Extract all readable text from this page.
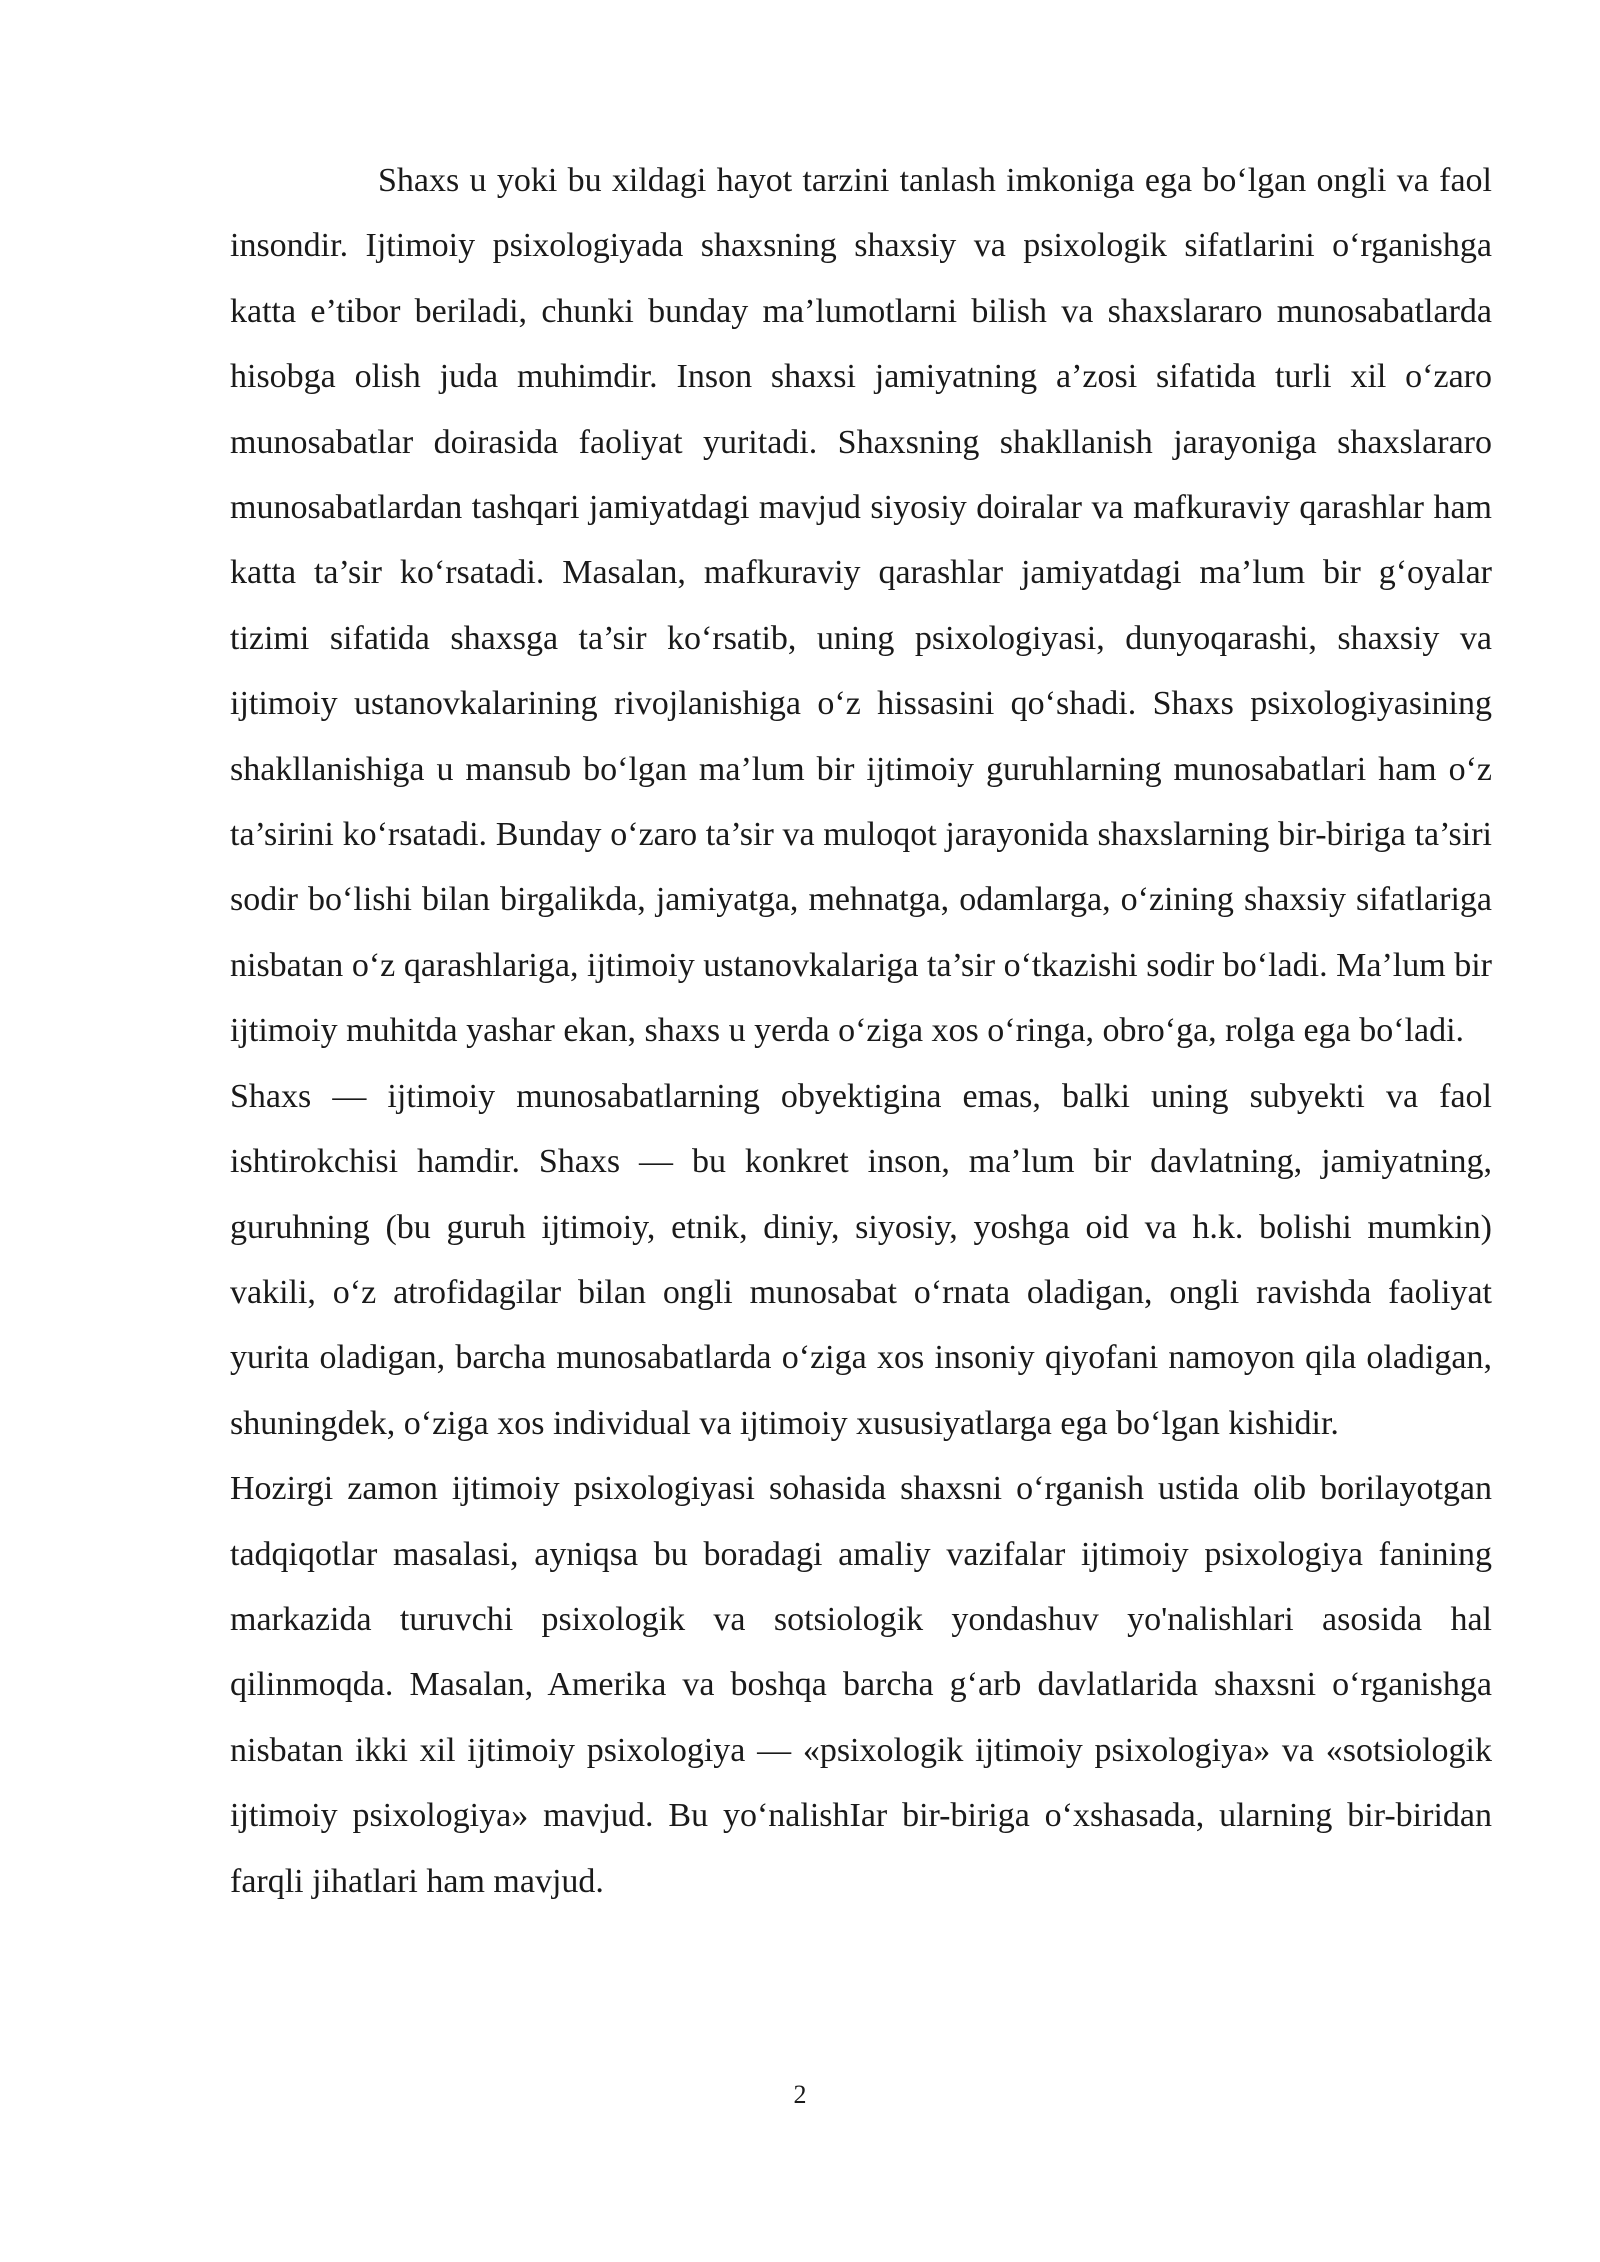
Shaxs u yoki bu xildagi hayot tarzini tanlash imkoniga ega boʻlgan ongli va faol insondir. Ijtimoiy psixologiyada shaxsning shaxsiy va psixologik sifatlarini oʻrganishga katta e’tibor beriladi, chunki bunday ma’lumotlarni bilish va shaxslararo munosabatlarda hisobga olish juda muhimdir. Inson shaxsi jamiyatning a’zosi sifatida turli xil oʻzaro munosabatlar doirasida faoliyat yuritadi. Shaxsning shakllanish jarayoniga shaxslararo munosabatlardan tashqari jamiyatdagi mavjud siyosiy doiralar va mafkuraviy qarashlar ham katta ta’sir koʻrsatadi. Masalan, mafkuraviy qarashlar jamiyatdagi ma’lum bir gʻoyalar tizimi sifatida shaxsga ta’sir koʻrsatib, uning psixologiyasi, dunyoqarashi, shaxsiy va ijtimoiy ustanovkalarining rivojlanishiga oʻz hissasini qoʻshadi. Shaxs psixologiyasining shakllanishiga u mansub boʻlgan ma’lum bir ijtimoiy guruhlarning munosabatlari ham oʻz ta’sirini koʻrsatadi. Bunday oʻzaro ta’sir va muloqot jarayonida shaxslarning bir-biriga ta’siri sodir boʻlishi bilan birgalikda, jamiyatga, mehnatga, odamlarga, oʻzining shaxsiy sifatlariga nisbatan oʻz qarashlariga, ijtimoiy ustanovkalariga ta’sir oʻtkazishi sodir boʻladi. Ma’lum bir ijtimoiy muhitda yashar ekan, shaxs u yerda oʻziga xos oʻringa, obroʻga, rolga ega boʻladi.

Shaxs — ijtimoiy munosabatlarning obyektigina emas, balki uning subyekti va faol ishtirokchisi hamdir. Shaxs — bu konkret inson, ma’lum bir davlatning, jamiyatning, guruhning (bu guruh ijtimoiy, etnik, diniy, siyosiy, yoshga oid va h.k. bolishi mumkin) vakili, oʻz atrofidagilar bilan ongli munosabat oʻrnata oladigan, ongli ravishda faoliyat yurita oladigan, barcha munosabatlarda oʻziga xos insoniy qiyofani namoyon qila oladigan, shuningdek, oʻziga xos individual va ijtimoiy xususiyatlarga ega boʻlgan kishidir.

Hozirgi zamon ijtimoiy psixologiyasi sohasida shaxsni oʻrganish ustida olib borilayotgan tadqiqotlar masalasi, ayniqsa bu boradagi amaliy vazifalar ijtimoiy psixologiya fanining markazida turuvchi psixologik va sotsiologik yondashuv yo'nalishlari asosida hal qilinmoqda. Masalan, Amerika va boshqa barcha gʻarb davlatlarida shaxsni oʻrganishga nisbatan ikki xil ijtimoiy psixologiya — «psixologik ijtimoiy psixologiya» va «sotsiologik ijtimoiy psixologiya» mavjud. Bu yoʻnalishIar bir-biriga oʻxshasada, ularning bir-biridan farqli jihatlari ham mavjud.

2
